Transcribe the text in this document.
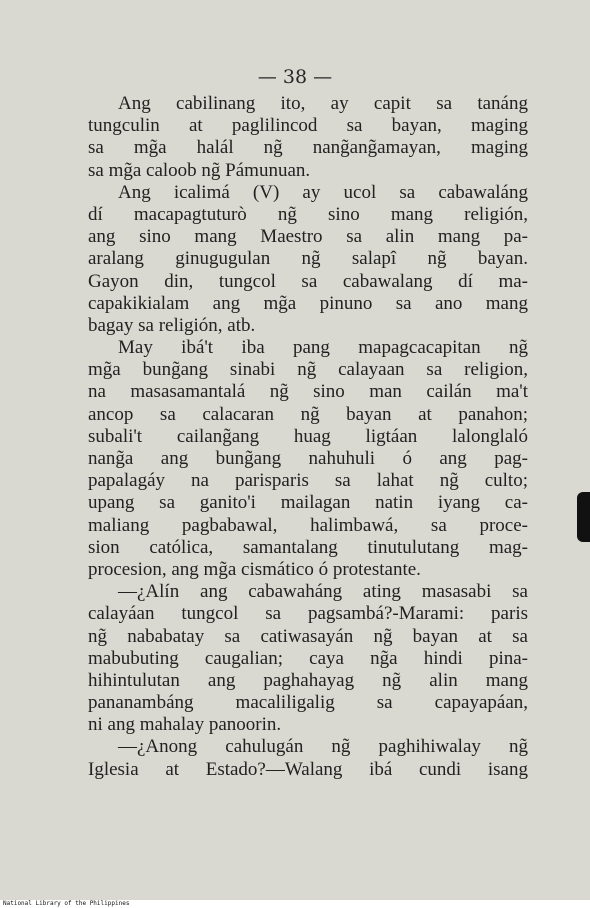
— 38 —
Ang cabilinang ito, ay capit sa tanáng
tungculin at paglilincod sa bayan, maging
sa mg̃a halál ng̃ nang̃ang̃amayan, maging
sa mg̃a caloob ng̃ Pámunuan.
Ang icalimá (V) ay ucol sa cabawaláng
dí macapagtuturò ng̃ sino mang religión,
ang sino mang Maestro sa alin mang pa-
aralang ginugugulan ng̃ salapî ng̃ bayan.
Gayon din, tungcol sa cabawalang dí ma-
capakikialam ang mg̃a pinuno sa ano mang
bagay sa religión, atb.
May ibá't iba pang mapagcacapitan ng̃
mg̃a bung̃ang sinabi ng̃ calayaan sa religion,
na masasamantalá ng̃ sino man cailán ma't
ancop sa calacaran ng̃ bayan at panahon;
subali't cailang̃ang huag ligtáan lalonglaló
nang̃a ang bung̃ang nahuhuli ó ang pag-
papalagáy na parisparis sa lahat ng̃ culto;
upang sa ganito'i mailagan natin iyang ca-
maliang pagbabawal, halimbawá, sa proce-
sion católica, samantalang tinutulutang mag-
procesion, ang mg̃a cismático ó protestante.
—¿Alín ang cabawaháng ating masasabi sa
calayáan tungcol sa pagsambá?-Marami: paris
ng̃ nababatay sa catiwasayán ng̃ bayan at sa
mabubuting caugalian; caya ng̃a hindi pina-
hihintulutan ang paghahayag ng̃ alin mang
pananambáng macaliligalig sa capayapáan,
ni ang mahalay panoorin.
—¿Anong cahulugán ng̃ paghihiwalay ng̃
Iglesia at Estado?—Walang ibá cundi isang
National Library of the Philippines
